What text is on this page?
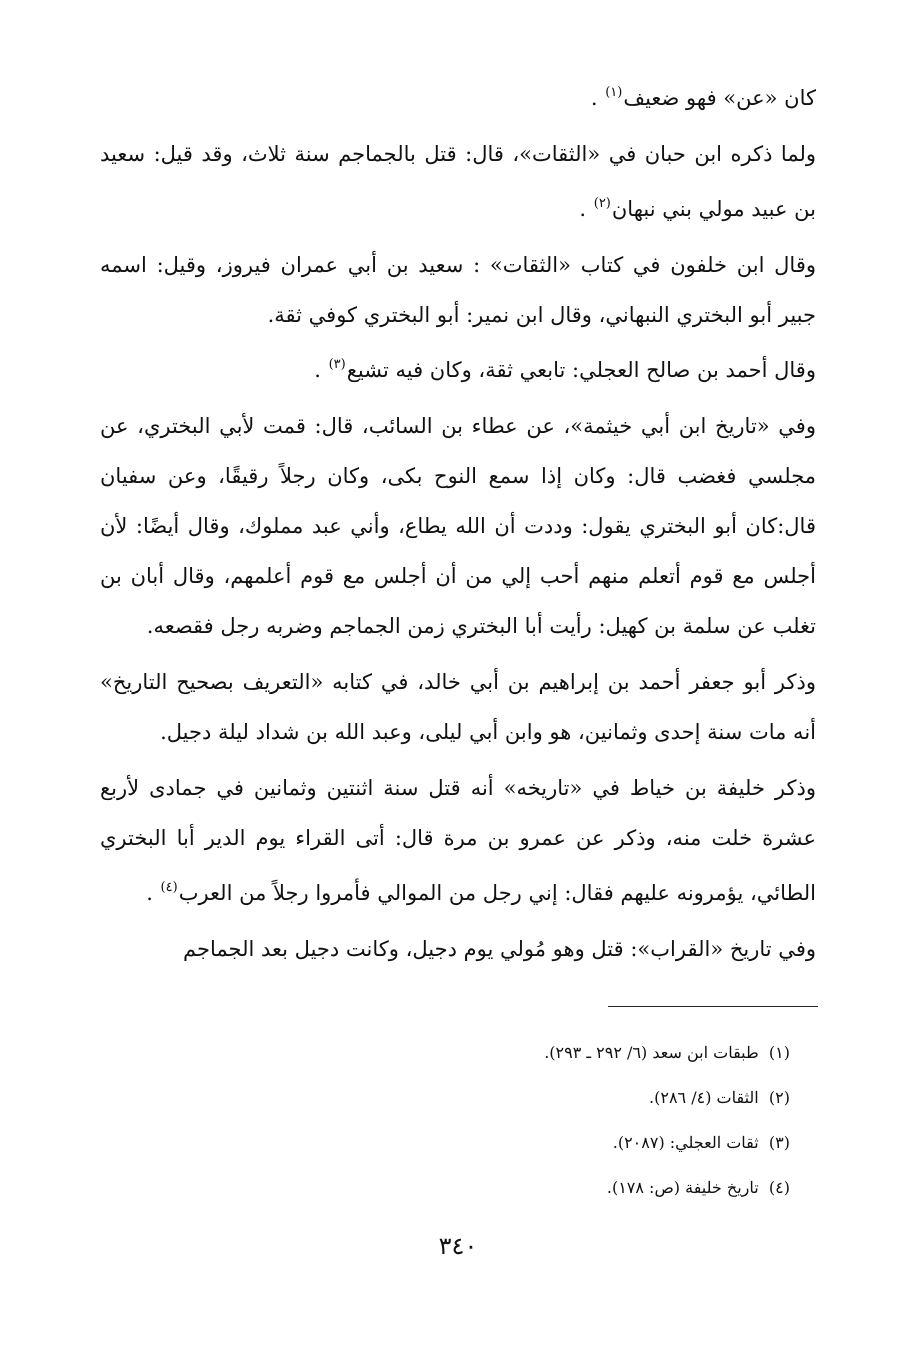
كان «عن» فهو ضعيف$^{(١)}$ .

ولما ذكره ابن حبان في «الثقات»، قال: قتل بالجماجم سنة ثلاث، وقد قيل: سعيد بن عبيد مولي بني نبهان$^{(٢)}$ .

وقال ابن خلفون في كتاب «الثقات» : سعيد بن أبي عمران فيروز، وقيل: اسمه جبير أبو البختري النبهاني، وقال ابن نمير: أبو البختري كوفي ثقة.

وقال أحمد بن صالح العجلي: تابعي ثقة، وكان فيه تشيع$^{(٣)}$ .

وفي «تاريخ ابن أبي خيثمة»، عن عطاء بن السائب، قال: قمت لأبي البختري، عن مجلسي فغضب قال: وكان إذا سمع النوح بكى، وكان رجلاً رقيقًا، وعن سفيان قال:كان أبو البختري يقول: وددت أن الله يطاع، وأني عبد مملوك، وقال أيضًا: لأن أجلس مع قوم أتعلم منهم أحب إلي من أن أجلس مع قوم أعلمهم، وقال أبان بن تغلب عن سلمة بن كهيل: رأيت أبا البختري زمن الجماجم وضربه رجل فقصعه.

وذكر أبو جعفر أحمد بن إبراهيم بن أبي خالد، في كتابه «التعريف بصحيح التاريخ» أنه مات سنة إحدى وثمانين، هو وابن أبي ليلى، وعبد الله بن شداد ليلة دجيل.

وذكر خليفة بن خياط في «تاريخه» أنه قتل سنة اثنتين وثمانين في جمادى لأربع عشرة خلت منه، وذكر عن عمرو بن مرة قال: أتى القراء يوم الدير أبا البختري الطائي، يؤمرونه عليهم فقال: إني رجل من الموالي فأمروا رجلاً من العرب$^{(٤)}$ .

وفي تاريخ «القراب»: قتل وهو مُولي يوم دجيل، وكانت دجيل بعد الجماجم

(١)  طبقات ابن سعد (٦/ ٢٩٢ ـ ٢٩٣).
(٢)  الثقات (٤/ ٢٨٦).
(٣)  ثقات العجلي: (٢٠٨٧).
(٤)  تاريخ خليفة (ص: ١٧٨).
٣٤٠
